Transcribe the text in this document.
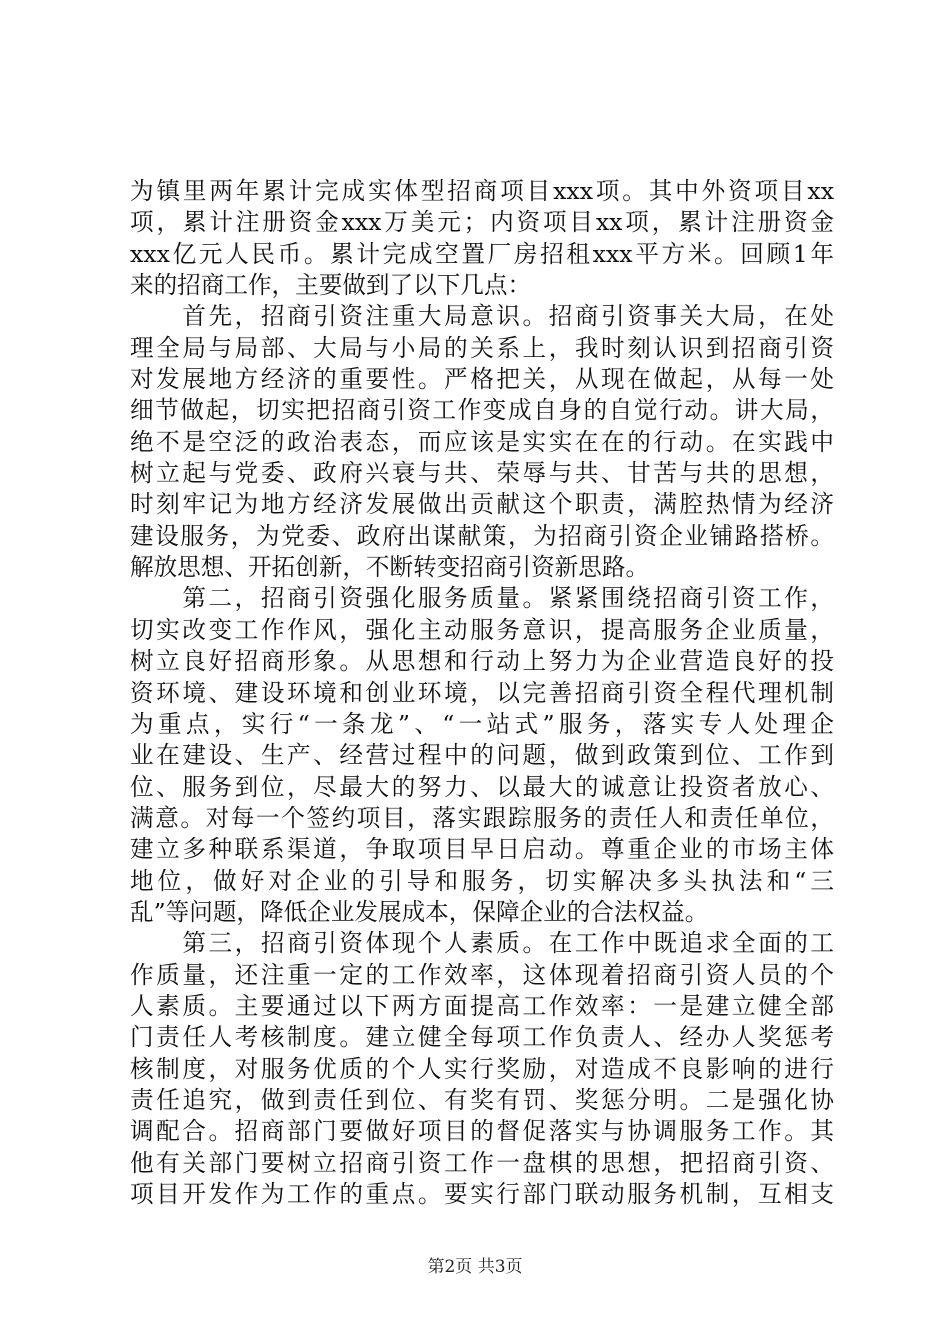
为镇里两年累计完成实体型招商项目xxx项。其中外资项目xx
项，累计注册资金xxx万美元；内资项目xx项，累计注册资金
xxx亿元人民币。累计完成空置厂房招租xxx平方米。回顾1年
来的招商工作，主要做到了以下几点：
　　首先，招商引资注重大局意识。招商引资事关大局，在处
理全局与局部、大局与小局的关系上，我时刻认识到招商引资
对发展地方经济的重要性。严格把关，从现在做起，从每一处
细节做起，切实把招商引资工作变成自身的自觉行动。讲大局，
绝不是空泛的政治表态，而应该是实实在在的行动。在实践中
树立起与党委、政府兴衰与共、荣辱与共、甘苦与共的思想，
时刻牢记为地方经济发展做出贡献这个职责，满腔热情为经济
建设服务，为党委、政府出谋献策，为招商引资企业铺路搭桥。
解放思想、开拓创新，不断转变招商引资新思路。
　　第二，招商引资强化服务质量。紧紧围绕招商引资工作，
切实改变工作作风，强化主动服务意识，提高服务企业质量，
树立良好招商形象。从思想和行动上努力为企业营造良好的投
资环境、建设环境和创业环境，以完善招商引资全程代理机制
为重点，实行“一条龙”、“一站式”服务，落实专人处理企
业在建设、生产、经营过程中的问题，做到政策到位、工作到
位、服务到位，尽最大的努力、以最大的诚意让投资者放心、
满意。对每一个签约项目，落实跟踪服务的责任人和责任单位，
建立多种联系渠道，争取项目早日启动。尊重企业的市场主体
地位，做好对企业的引导和服务，切实解决多头执法和“三
乱”等问题，降低企业发展成本，保障企业的合法权益。
　　第三，招商引资体现个人素质。在工作中既追求全面的工
作质量，还注重一定的工作效率，这体现着招商引资人员的个
人素质。主要通过以下两方面提高工作效率：一是建立健全部
门责任人考核制度。建立健全每项工作负责人、经办人奖惩考
核制度，对服务优质的个人实行奖励，对造成不良影响的进行
责任追究，做到责任到位、有奖有罚、奖惩分明。二是强化协
调配合。招商部门要做好项目的督促落实与协调服务工作。其
他有关部门要树立招商引资工作一盘棋的思想，把招商引资、
项目开发作为工作的重点。要实行部门联动服务机制，互相支
第2页 共3页
